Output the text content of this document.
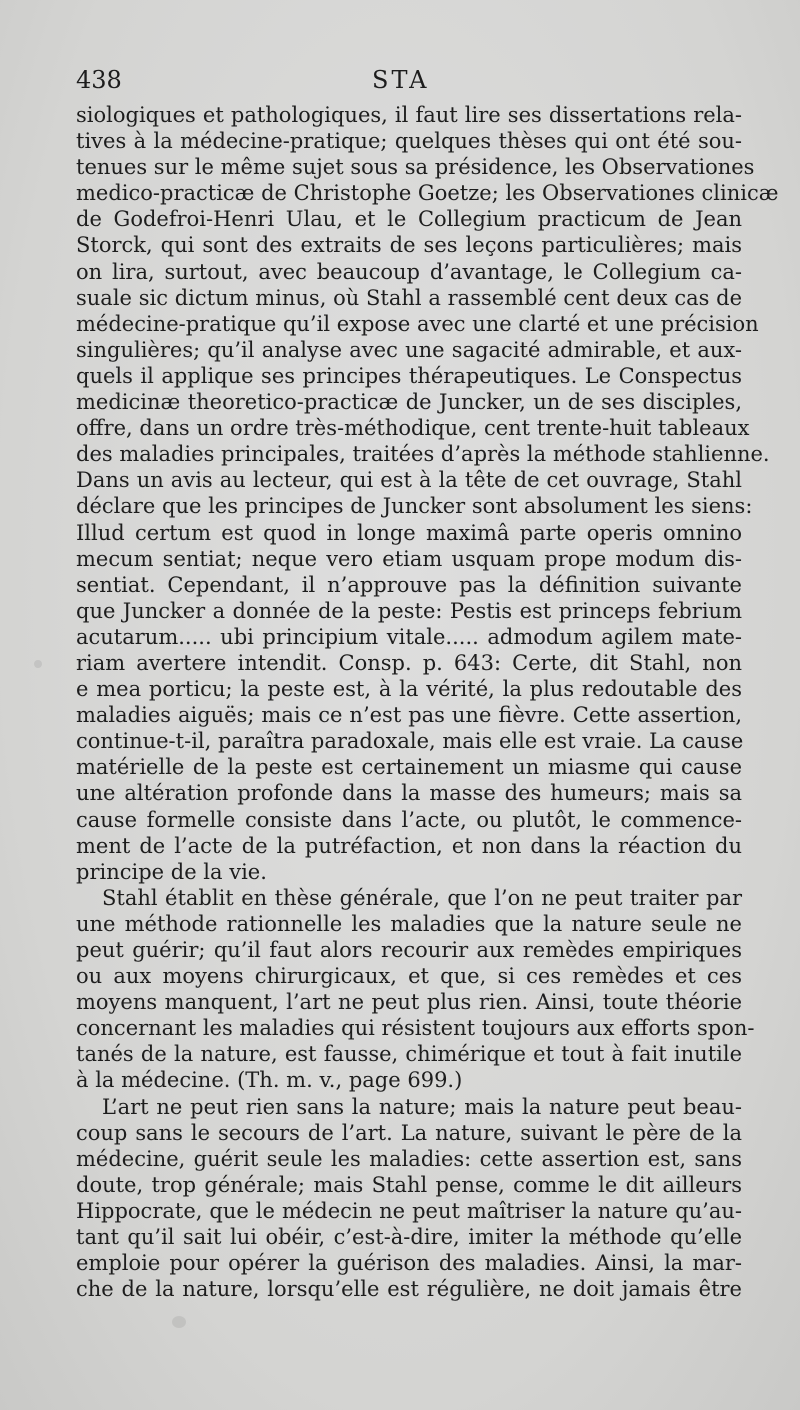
438	STA
siologiques et pathologiques, il faut lire ses dissertations rela-
tives à la médecine-pratique; quelques thèses qui ont été sou-
tenues sur le même sujet sous sa présidence, les Observationes
medico-practicæ de Christophe Goetze; les Observationes clinicæ
de Godefroi-Henri Ulau, et le Collegium practicum de Jean
Storck, qui sont des extraits de ses leçons particulières; mais
on lira, surtout, avec beaucoup d’avantage, le Collegium ca-
suale sic dictum minus, où Stahl a rassemblé cent deux cas de
médecine-pratique qu’il expose avec une clarté et une précision
singulières; qu’il analyse avec une sagacité admirable, et aux-
quels il applique ses principes thérapeutiques. Le Conspectus
medicinæ theoretico-practicæ de Juncker, un de ses disciples,
offre, dans un ordre très-méthodique, cent trente-huit tableaux
des maladies principales, traitées d’après la méthode stahlienne.
Dans un avis au lecteur, qui est à la tête de cet ouvrage, Stahl
déclare que les principes de Juncker sont absolument les siens:
Illud certum est quod in longe maximâ parte operis omnino
mecum sentiat; neque vero etiam usquam prope modum dis-
sentiat. Cependant, il n’approuve pas la définition suivante
que Juncker a donnée de la peste: Pestis est princeps febrium
acutarum..... ubi principium vitale..... admodum agilem mate-
riam avertere intendit. Consp. p. 643: Certe, dit Stahl, non
e mea porticu; la peste est, à la vérité, la plus redoutable des
maladies aiguës; mais ce n’est pas une fièvre. Cette assertion,
continue-t-il, paraîtra paradoxale, mais elle est vraie. La cause
matérielle de la peste est certainement un miasme qui cause
une altération profonde dans la masse des humeurs; mais sa
cause formelle consiste dans l’acte, ou plutôt, le commence-
ment de l’acte de la putréfaction, et non dans la réaction du
principe de la vie.
Stahl établit en thèse générale, que l’on ne peut traiter par
une méthode rationnelle les maladies que la nature seule ne
peut guérir; qu’il faut alors recourir aux remèdes empiriques
ou aux moyens chirurgicaux, et que, si ces remèdes et ces
moyens manquent, l’art ne peut plus rien. Ainsi, toute théorie
concernant les maladies qui résistent toujours aux efforts spon-
tanés de la nature, est fausse, chimérique et tout à fait inutile
à la médecine. (Th. m. v., page 699.)
L’art ne peut rien sans la nature; mais la nature peut beau-
coup sans le secours de l’art. La nature, suivant le père de la
médecine, guérit seule les maladies: cette assertion est, sans
doute, trop générale; mais Stahl pense, comme le dit ailleurs
Hippocrate, que le médecin ne peut maîtriser la nature qu’au-
tant qu’il sait lui obéir, c’est-à-dire, imiter la méthode qu’elle
emploie pour opérer la guérison des maladies. Ainsi, la mar-
che de la nature, lorsqu’elle est régulière, ne doit jamais être
